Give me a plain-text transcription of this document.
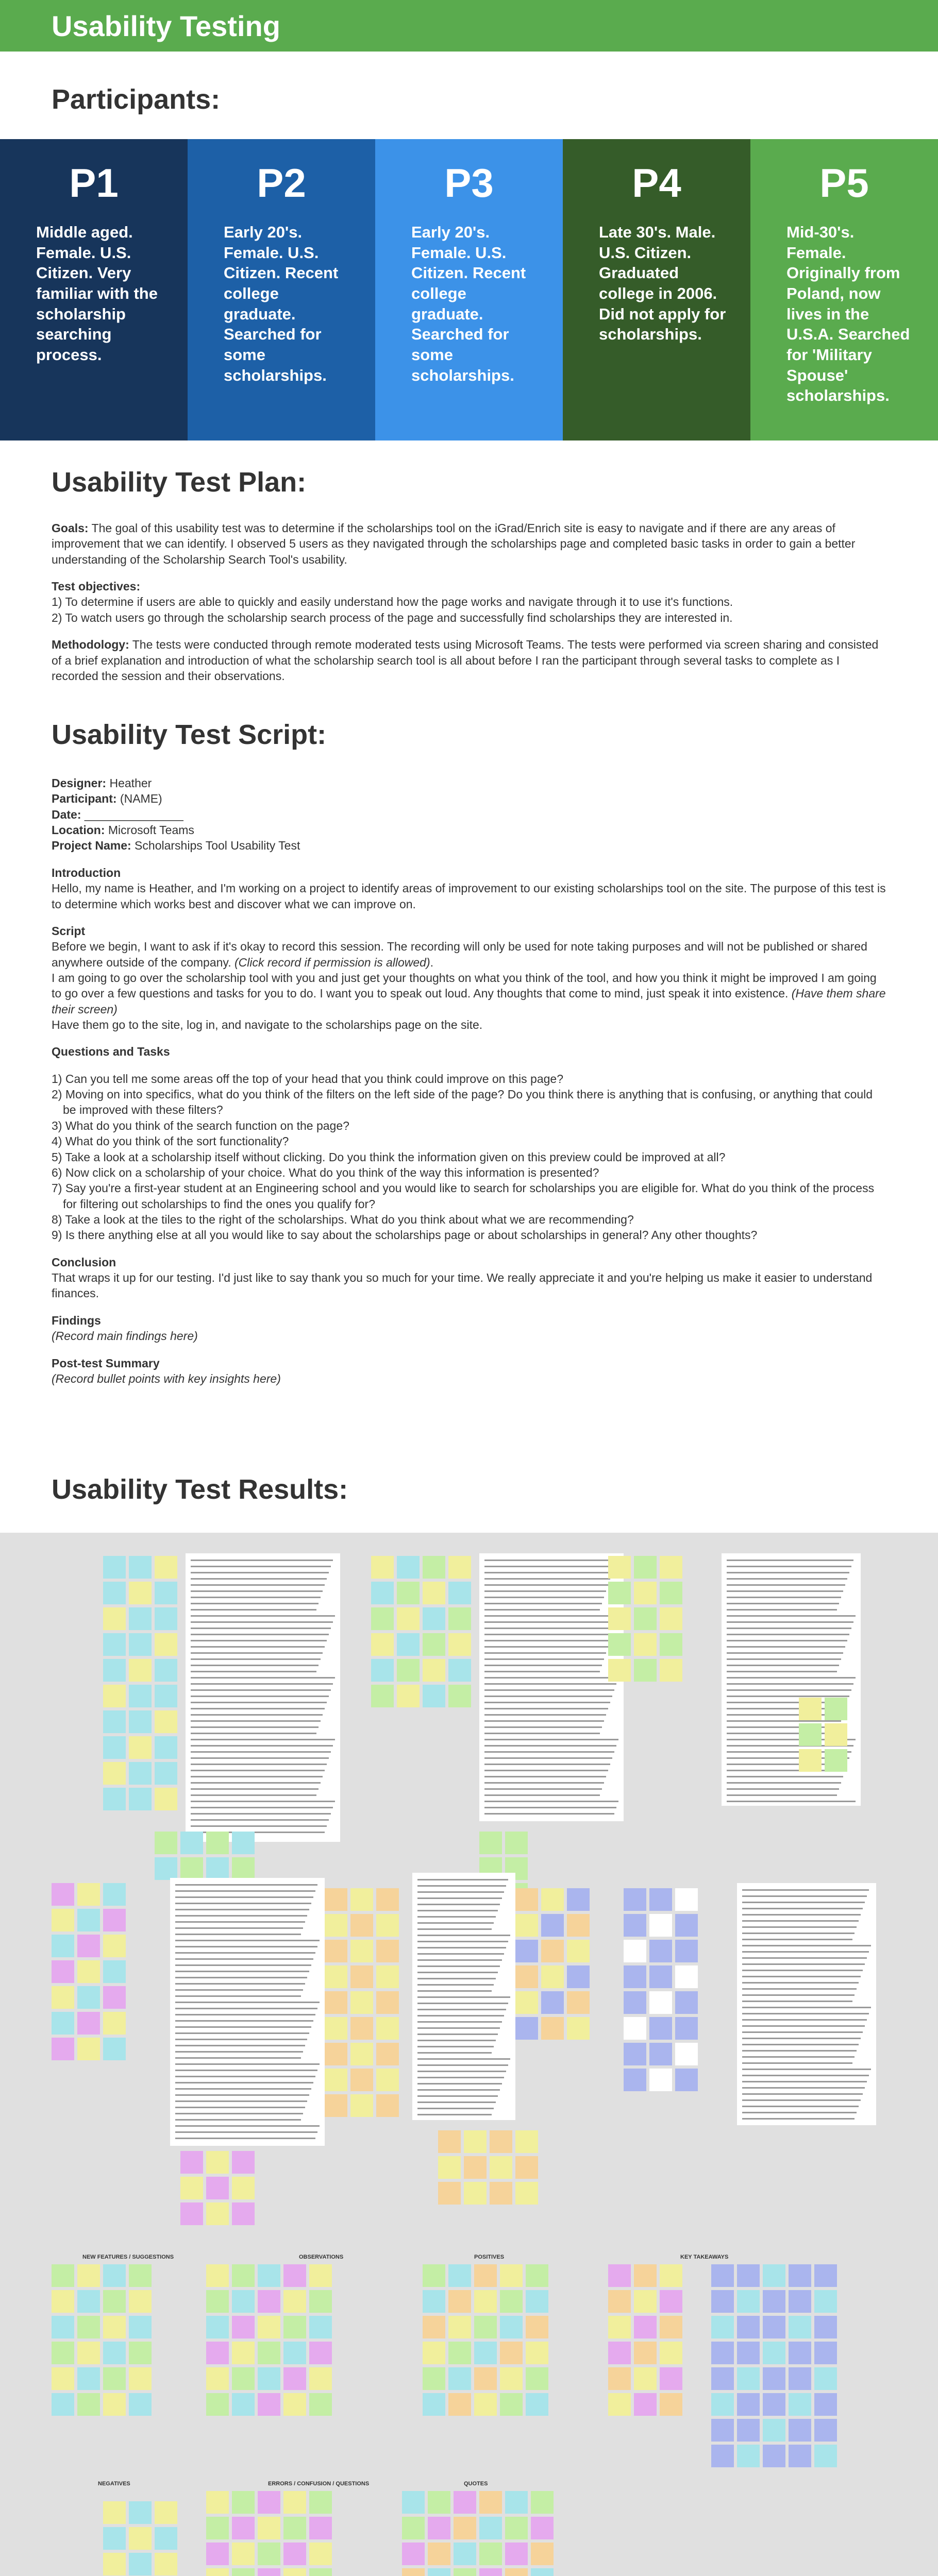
Usability Testing
Participants:
P1
Middle aged. Female. U.S. Citizen. Very familiar with the scholarship searching process.
P2
Early 20's. Female. U.S. Citizen. Recent college graduate. Searched for some scholarships.
P3
Early 20's. Female. U.S. Citizen. Recent college graduate. Searched for some scholarships.
P4
Late 30's. Male. U.S. Citizen. Graduated college in 2006. Did not apply for scholarships.
P5
Mid-30's. Female. Originally from Poland, now lives in the U.S.A. Searched for 'Military Spouse' scholarships.
Usability Test Plan:

Goals: The goal of this usability test was to determine if the scholarships tool on the iGrad/Enrich site is easy to navigate and if there are any areas of improvement that we can identify. I observed 5 users as they navigated through the scholarships page and completed basic tasks in order to gain a better understanding of the Scholarship Search Tool's usability.

Test objectives:

1) To determine if users are able to quickly and easily understand how the page works and navigate through it to use it's functions.

2) To watch users go through the scholarship search process of the page and successfully find scholarships they are interested in.

Methodology: The tests were conducted through remote moderated tests using Microsoft Teams. The tests were performed via screen sharing and consisted of a brief explanation and introduction of what the scholarship search tool is all about before I ran the participant through several tasks to complete as I recorded the session and their observations.

Usability Test Script:

Designer: Heather

Participant: (NAME)

Date: _______________

Location: Microsoft Teams

Project Name: Scholarships Tool Usability Test

Introduction

Hello, my name is Heather, and I'm working on a project to identify areas of improvement to our existing scholarships tool on the site. The purpose of this test is to determine which works best and discover what we can improve on.

Script

Before we begin, I want to ask if it's okay to record this session. The recording will only be used for note taking purposes and will not be published or shared anywhere outside of the company. (Click record if permission is allowed).

I am going to go over the scholarship tool with you and just get your thoughts on what you think of the tool, and how you think it might be improved I am going to go over a few questions and tasks for you to do. I want you to speak out loud. Any thoughts that come to mind, just speak it into existence. (Have them share their screen)

Have them go to the site, log in, and navigate to the scholarships page on the site.

Questions and Tasks

1) Can you tell me some areas off the top of your head that you think could improve on this page?

2) Moving on into specifics, what do you think of the filters on the left side of the page? Do you think there is anything that is confusing, or anything that could be improved with these filters?

3) What do you think of the search function on the page?

4) What do you think of the sort functionality?

5) Take a look at a scholarship itself without clicking. Do you think the information given on this preview could be improved at all?

6) Now click on a scholarship of your choice. What do you think of the way this information is presented?

7) Say you're a first-year student at an Engineering school and you would like to search for scholarships you are eligible for. What do you think of the process for filtering out scholarships to find the ones you qualify for?

8) Take a look at the tiles to the right of the scholarships. What do you think about what we are recommending?

9) Is there anything else at all you would like to say about the scholarships page or about scholarships in general? Any other thoughts?

Conclusion

That wraps it up for our testing. I'd just like to say thank you so much for your time. We really appreciate it and you're helping us make it easier to understand finances.

Findings

(Record main findings here)

Post-test Summary

(Record bullet points with key insights here)

Usability Test Results:
NEW FEATURES / SUGGESTIONS	OBSERVATIONS	POSITIVES	KEY TAKEAWAYS
NEGATIVES	ERRORS / CONFUSION / QUESTIONS	QUOTES
